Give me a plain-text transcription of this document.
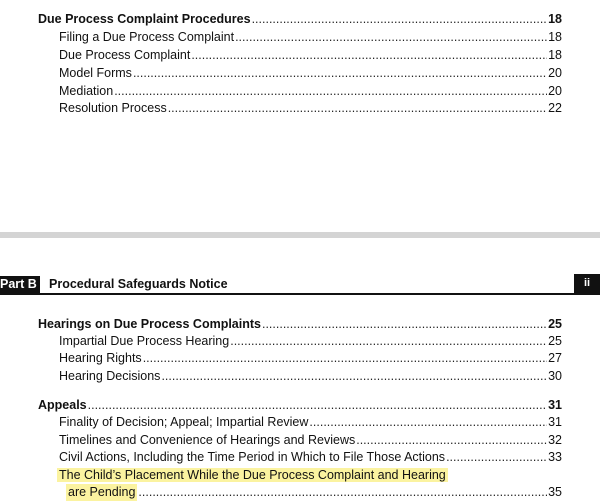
Due Process Complaint Procedures .....	18
Filing a Due Process Complaint .....	18
Due Process Complaint .....	18
Model Forms .....	20
Mediation .....	20
Resolution Process .....	22
Part B Procedural Safeguards Notice	ii
Hearings on Due Process Complaints .....	25
Impartial Due Process Hearing .....	25
Hearing Rights .....	27
Hearing Decisions .....	30
Appeals .....	31
Finality of Decision; Appeal; Impartial Review .....	31
Timelines and Convenience of Hearings and Reviews .....	32
Civil Actions, Including the Time Period in Which to File Those Actions .....	33
The Child’s Placement While the Due Process Complaint and Hearing
are Pending .....	35
